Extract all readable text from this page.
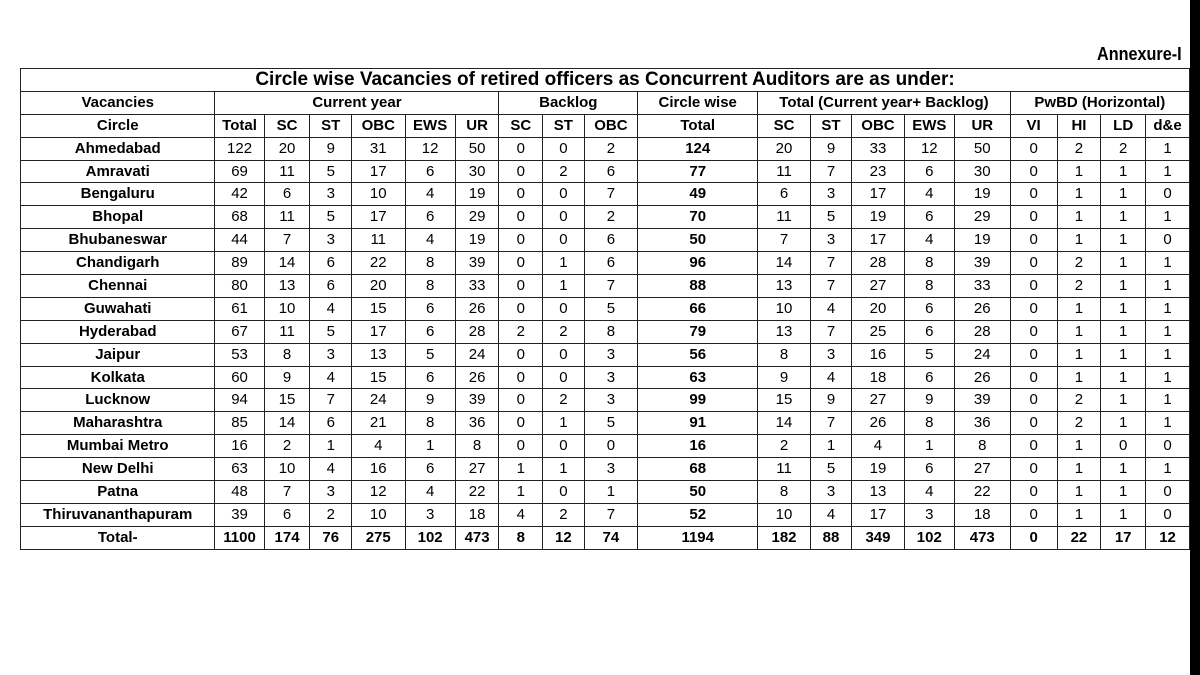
Annexure-I
Circle wise Vacancies of retired officers as Concurrent Auditors are as under:																			
Vacancies	Current year						Backlog			Circle wise	Total (Current year+ Backlog)					PwBD (Horizontal)			
Circle	Total	SC	ST	OBC	EWS	UR	SC	ST	OBC	Total	SC	ST	OBC	EWS	UR	VI	HI	LD	d&e
Ahmedabad	122	20	9	31	12	50	0	0	2	124	20	9	33	12	50	0	2	2	1
Amravati	69	11	5	17	6	30	0	2	6	77	11	7	23	6	30	0	1	1	1
Bengaluru	42	6	3	10	4	19	0	0	7	49	6	3	17	4	19	0	1	1	0
Bhopal	68	11	5	17	6	29	0	0	2	70	11	5	19	6	29	0	1	1	1
Bhubaneswar	44	7	3	11	4	19	0	0	6	50	7	3	17	4	19	0	1	1	0
Chandigarh	89	14	6	22	8	39	0	1	6	96	14	7	28	8	39	0	2	1	1
Chennai	80	13	6	20	8	33	0	1	7	88	13	7	27	8	33	0	2	1	1
Guwahati	61	10	4	15	6	26	0	0	5	66	10	4	20	6	26	0	1	1	1
Hyderabad	67	11	5	17	6	28	2	2	8	79	13	7	25	6	28	0	1	1	1
Jaipur	53	8	3	13	5	24	0	0	3	56	8	3	16	5	24	0	1	1	1
Kolkata	60	9	4	15	6	26	0	0	3	63	9	4	18	6	26	0	1	1	1
Lucknow	94	15	7	24	9	39	0	2	3	99	15	9	27	9	39	0	2	1	1
Maharashtra	85	14	6	21	8	36	0	1	5	91	14	7	26	8	36	0	2	1	1
Mumbai Metro	16	2	1	4	1	8	0	0	0	16	2	1	4	1	8	0	1	0	0
New Delhi	63	10	4	16	6	27	1	1	3	68	11	5	19	6	27	0	1	1	1
Patna	48	7	3	12	4	22	1	0	1	50	8	3	13	4	22	0	1	1	0
Thiruvananthapuram	39	6	2	10	3	18	4	2	7	52	10	4	17	3	18	0	1	1	0
Total-	1100	174	76	275	102	473	8	12	74	1194	182	88	349	102	473	0	22	17	12
